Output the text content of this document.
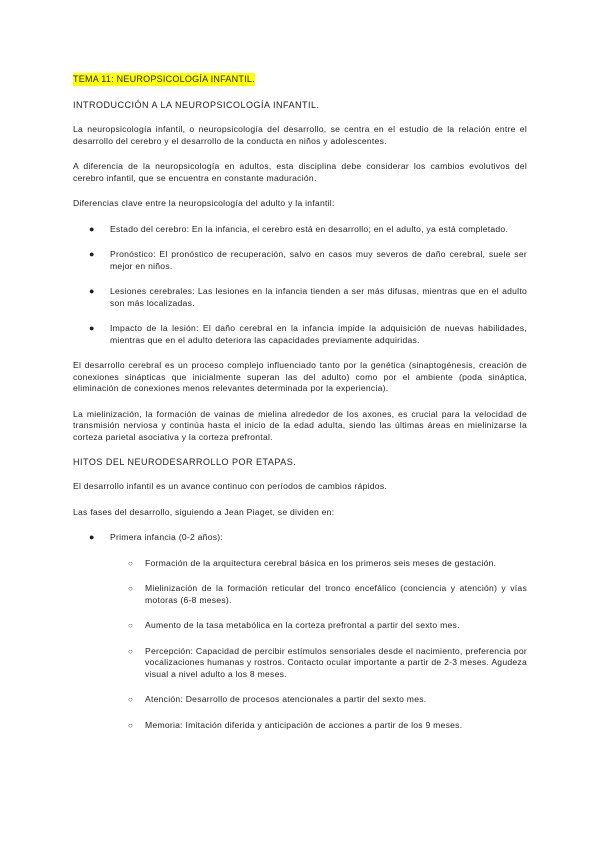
TEMA 11: NEUROPSICOLOGÍA INFANTIL.
INTRODUCCIÓN A LA NEUROPSICOLOGÍA INFANTIL.

La neuropsicología infantil, o neuropsicología del desarrollo, se centra en el estudio de la relación entre el desarrollo del cerebro y el desarrollo de la conducta en niños y adolescentes.

A diferencia de la neuropsicología en adultos, esta disciplina debe considerar los cambios evolutivos del cerebro infantil, que se encuentra en constante maduración.

Diferencias clave entre la neuropsicología del adulto y la infantil:

● Estado del cerebro: En la infancia, el cerebro está en desarrollo; en el adulto, ya está completado.
● Pronóstico: El pronóstico de recuperación, salvo en casos muy severos de daño cerebral, suele ser mejor en niños.
● Lesiones cerebrales: Las lesiones en la infancia tienden a ser más difusas, mientras que en el adulto son más localizadas.
● Impacto de la lesión: El daño cerebral en la infancia impide la adquisición de nuevas habilidades, mientras que en el adulto deteriora las capacidades previamente adquiridas.

El desarrollo cerebral es un proceso complejo influenciado tanto por la genética (sinaptogénesis, creación de conexiones sinápticas que inicialmente superan las del adulto) como por el ambiente (poda sináptica, eliminación de conexiones menos relevantes determinada por la experiencia).

La mielinización, la formación de vainas de mielina alrededor de los axones, es crucial para la velocidad de transmisión nerviosa y continúa hasta el inicio de la edad adulta, siendo las últimas áreas en mielinizarse la corteza parietal asociativa y la corteza prefrontal.

HITOS DEL NEURODESARROLLO POR ETAPAS.

El desarrollo infantil es un avance continuo con períodos de cambios rápidos.

Las fases del desarrollo, siguiendo a Jean Piaget, se dividen en:

● Primera infancia (0-2 años):
○ Formación de la arquitectura cerebral básica en los primeros seis meses de gestación.
○ Mielinización de la formación reticular del tronco encefálico (conciencia y atención) y vías motoras (6-8 meses).
○ Aumento de la tasa metabólica en la corteza prefrontal a partir del sexto mes.
○ Percepción: Capacidad de percibir estímulos sensoriales desde el nacimiento, preferencia por vocalizaciones humanas y rostros. Contacto ocular importante a partir de 2-3 meses. Agudeza visual a nivel adulto a los 8 meses.
○ Atención: Desarrollo de procesos atencionales a partir del sexto mes.
○ Memoria: Imitación diferida y anticipación de acciones a partir de los 9 meses.
